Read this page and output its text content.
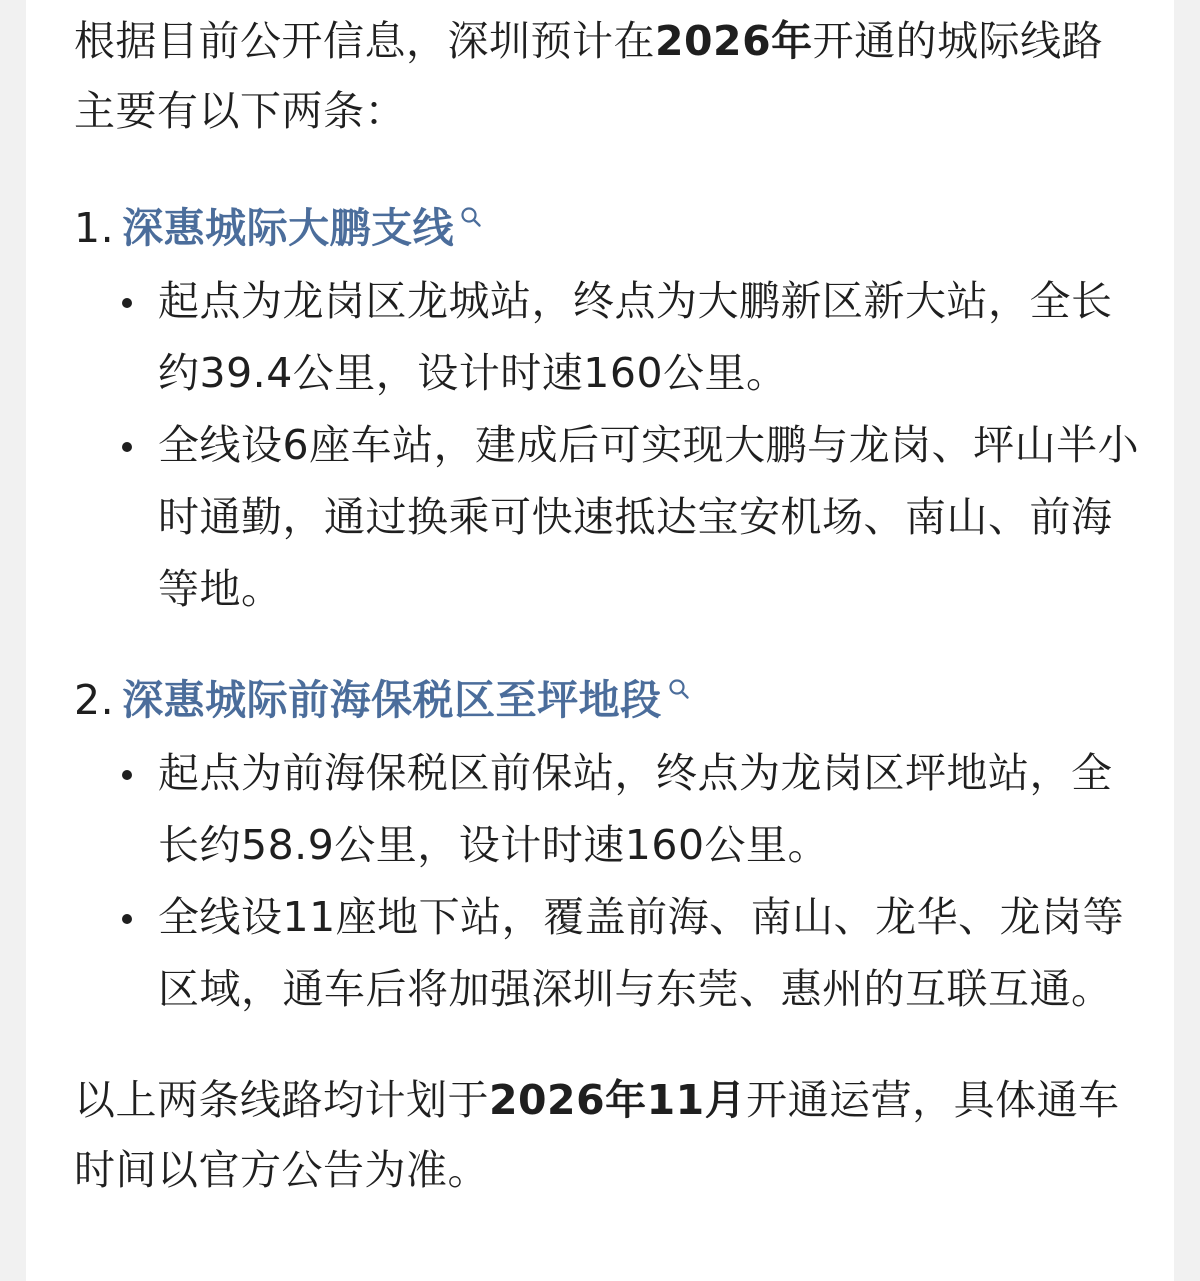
根据目前公开信息，深圳预计在2026年开通的城际线路主要有以下两条：

1. 深惠城际大鹏支线
起点为龙岗区龙城站，终点为大鹏新区新大站，全长约39.4公里，设计时速160公里。
全线设6座车站，建成后可实现大鹏与龙岗、坪山半小时通勤，通过换乘可快速抵达宝安机场、南山、前海等地。
2. 深惠城际前海保税区至坪地段
起点为前海保税区前保站，终点为龙岗区坪地站，全长约58.9公里，设计时速160公里。
全线设11座地下站，覆盖前海、南山、龙华、龙岗等区域，通车后将加强深圳与东莞、惠州的互联互通。

以上两条线路均计划于2026年11月开通运营，具体通车时间以官方公告为准。
